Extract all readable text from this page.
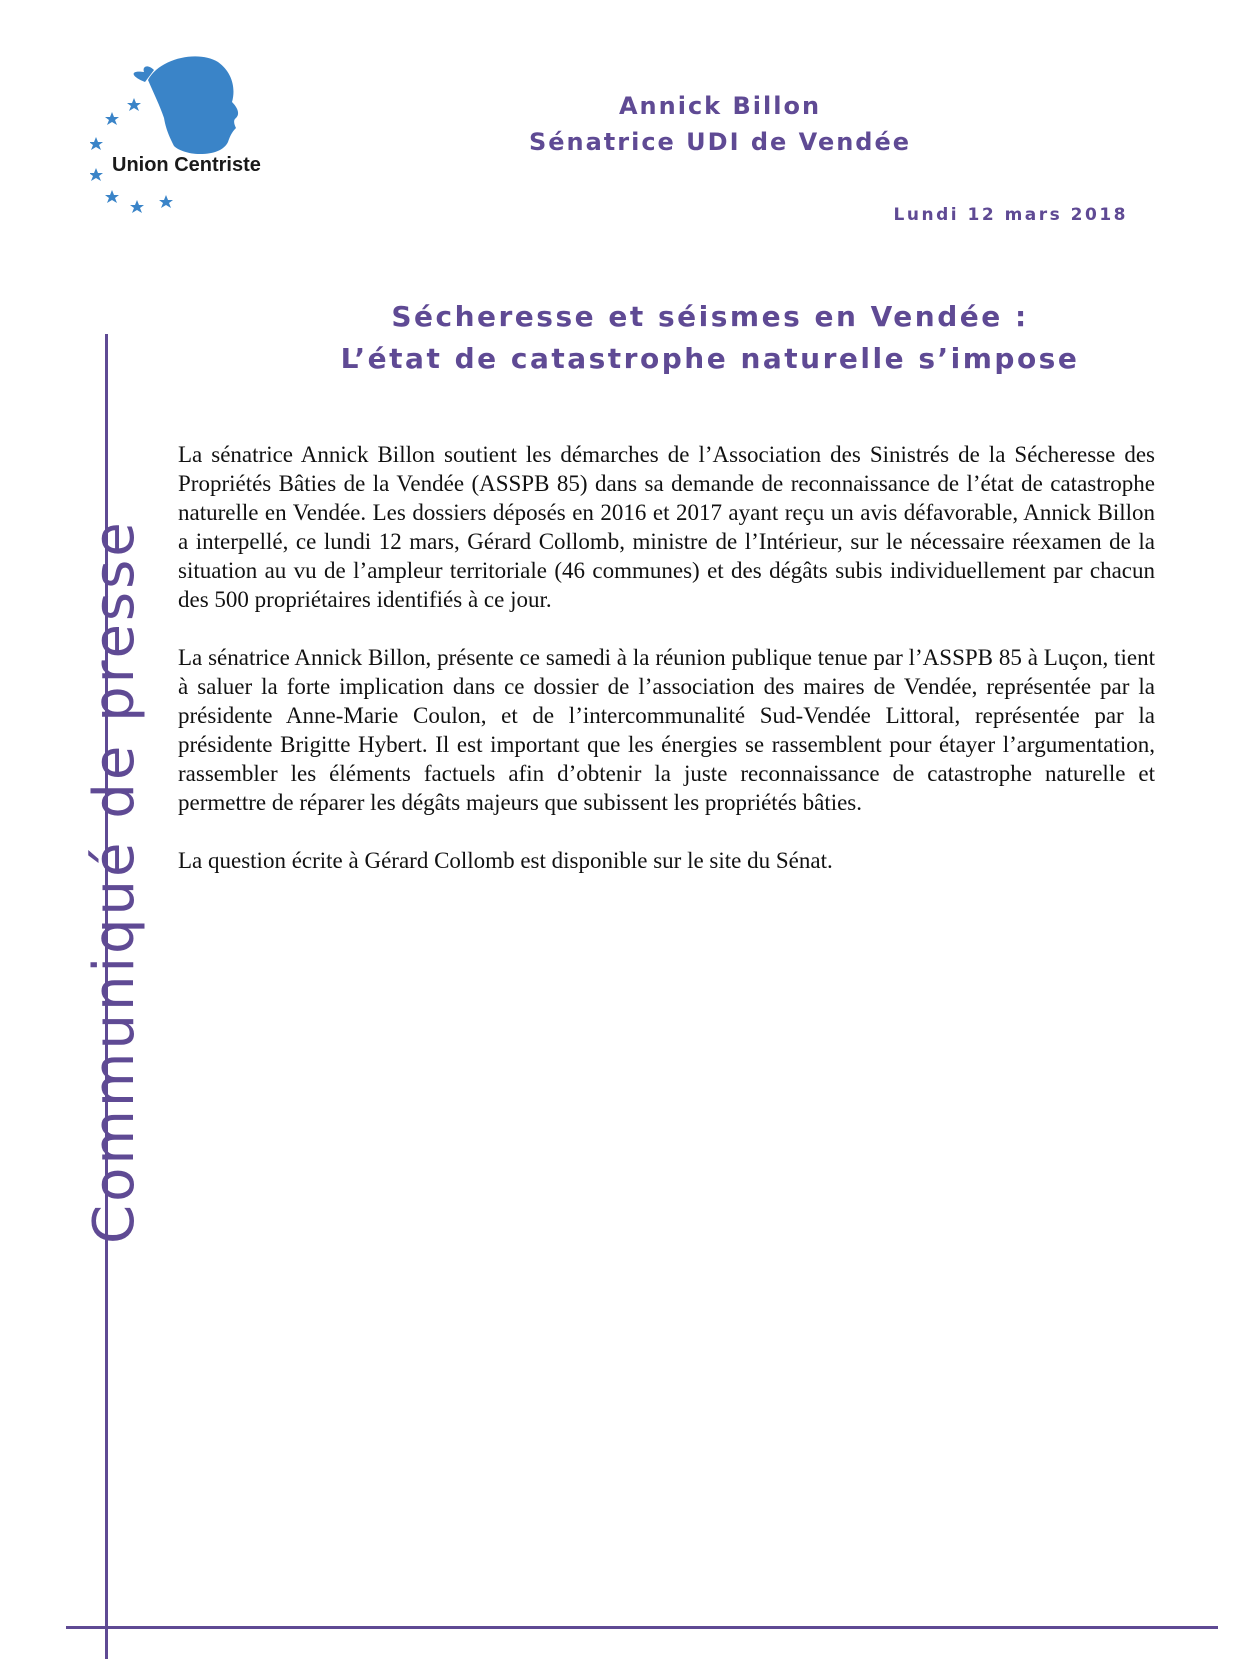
Union Centriste
Annick Billon
Sénatrice UDI de Vendée
Lundi 12 mars 2018
Sécheresse et séismes en Vendée :
L’état de catastrophe naturelle s’impose
Communiqué de presse

La sénatrice Annick Billon soutient les démarches de l’Association des Sinistrés de la Sécheresse des Propriétés Bâties de la Vendée (ASSPB 85) dans sa demande de reconnaissance de l’état de catastrophe naturelle en Vendée. Les dossiers déposés en 2016 et 2017 ayant reçu un avis défavorable, Annick Billon a interpellé, ce lundi 12 mars, Gérard Collomb, ministre de l’Intérieur, sur le nécessaire réexamen de la situation au vu de l’ampleur territoriale (46 communes) et des dégâts subis individuellement par chacun des 500 propriétaires identifiés à ce jour.

La sénatrice Annick Billon, présente ce samedi à la réunion publique tenue par l’ASSPB 85 à Luçon, tient à saluer la forte implication dans ce dossier de l’association des maires de Vendée, représentée par la présidente Anne-Marie Coulon, et de l’intercommunalité Sud-Vendée Littoral, représentée par la présidente Brigitte Hybert. Il est important que les énergies se rassemblent pour étayer l’argumentation, rassembler les éléments factuels afin d’obtenir la juste reconnaissance de catastrophe naturelle et permettre de réparer les dégâts majeurs que subissent les propriétés bâties.

La question écrite à Gérard Collomb est disponible sur le site du Sénat.
